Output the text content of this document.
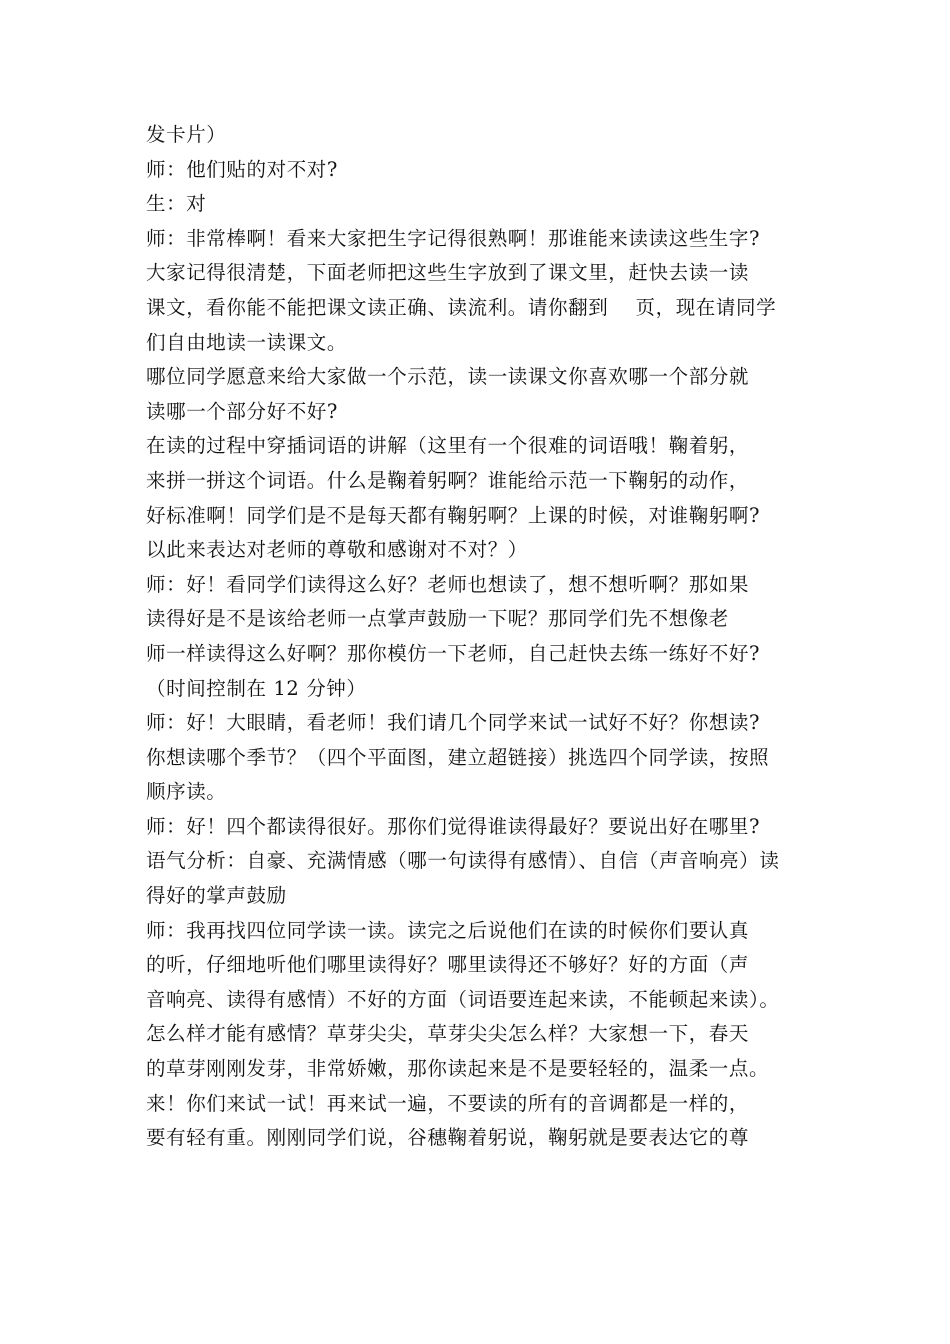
发卡片）
师：他们贴的对不对?
生：对
师：非常棒啊！看来大家把生字记得很熟啊！那谁能来读读这些生字?
大家记得很清楚，下面老师把这些生字放到了课文里，赶快去读一读
课文，看你能不能把课文读正确、读流利。请你翻到    页，现在请同学
们自由地读一读课文。
哪位同学愿意来给大家做一个示范，读一读课文你喜欢哪一个部分就
读哪一个部分好不好?
在读的过程中穿插词语的讲解（这里有一个很难的词语哦！鞠着躬，
来拼一拼这个词语。什么是鞠着躬啊？谁能给示范一下鞠躬的动作，
好标准啊！同学们是不是每天都有鞠躬啊？上课的时候，对谁鞠躬啊?
以此来表达对老师的尊敬和感谢对不对？）
师：好！看同学们读得这么好？老师也想读了，想不想听啊？那如果
读得好是不是该给老师一点掌声鼓励一下呢？那同学们先不想像老
师一样读得这么好啊？那你模仿一下老师，自己赶快去练一练好不好?
（时间控制在 12 分钟）
师：好！大眼睛，看老师！我们请几个同学来试一试好不好？你想读?
你想读哪个季节？（四个平面图，建立超链接）挑选四个同学读，按照
顺序读。
师：好！四个都读得很好。那你们觉得谁读得最好？要说出好在哪里?
语气分析：自豪、充满情感（哪一句读得有感情）、自信（声音响亮）读
得好的掌声鼓励
师：我再找四位同学读一读。读完之后说他们在读的时候你们要认真
的听，仔细地听他们哪里读得好？哪里读得还不够好？好的方面（声
音响亮、读得有感情）不好的方面（词语要连起来读，不能顿起来读）。
怎么样才能有感情？草芽尖尖，草芽尖尖怎么样？大家想一下，春天
的草芽刚刚发芽，非常娇嫩，那你读起来是不是要轻轻的，温柔一点。
来！你们来试一试！再来试一遍，不要读的所有的音调都是一样的，
要有轻有重。刚刚同学们说，谷穗鞠着躬说，鞠躬就是要表达它的尊
